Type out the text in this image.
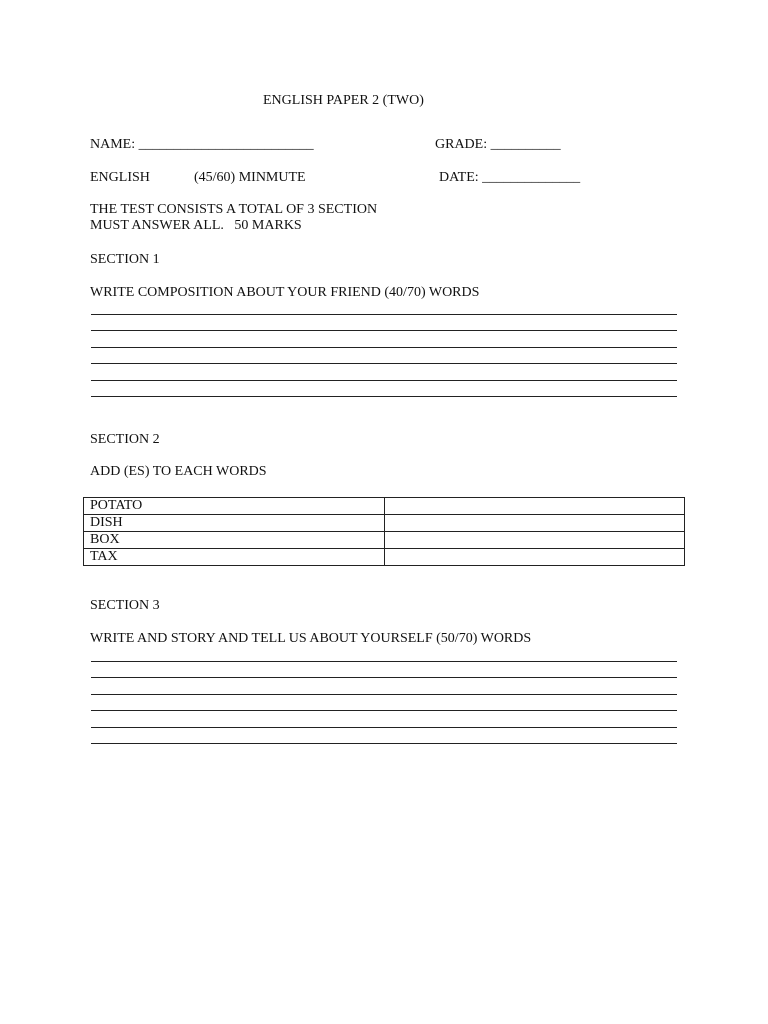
ENGLISH PAPER 2 (TWO)
NAME: _________________________	GRADE: __________
ENGLISH	(45/60) MINMUTE	DATE: ______________
THE TEST CONSISTS A TOTAL OF 3 SECTION
MUST ANSWER ALL.   50 MARKS
SECTION 1
WRITE COMPOSITION ABOUT YOUR FRIEND (40/70) WORDS
SECTION 2
ADD (ES) TO EACH WORDS
POTATO	
DISH	
BOX	
TAX	
SECTION 3
WRITE AND STORY AND TELL US ABOUT YOURSELF (50/70) WORDS
